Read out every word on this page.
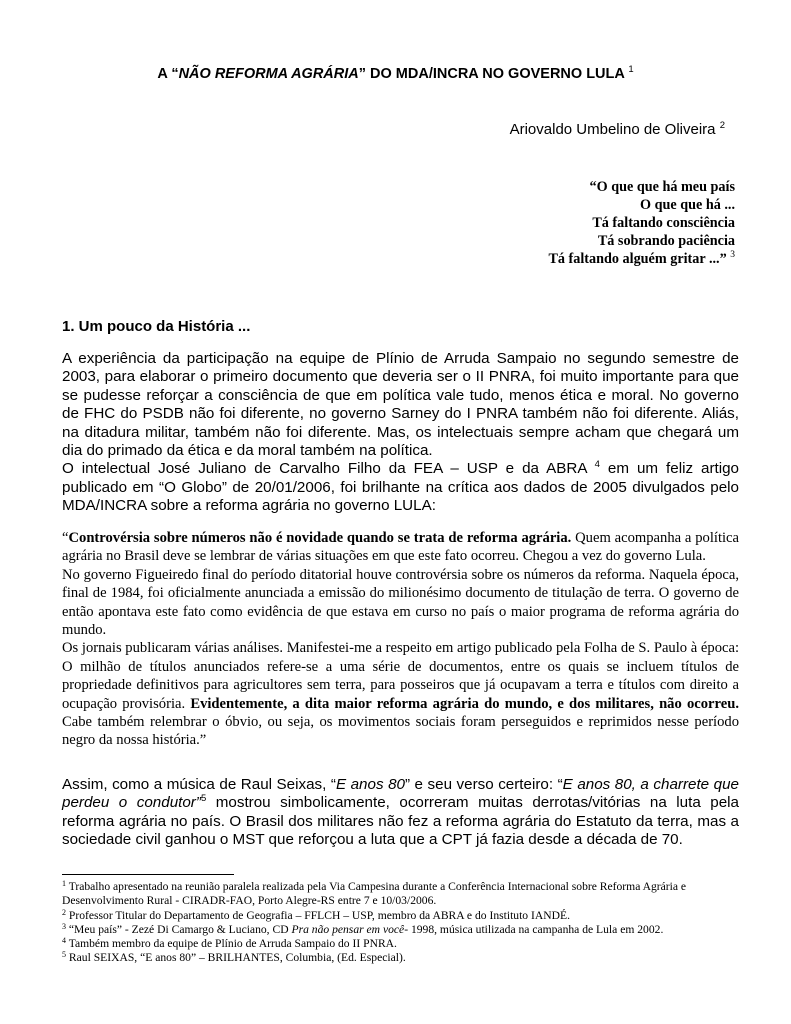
A “NÃO REFORMA AGRÁRIA” DO MDA/INCRA NO GOVERNO LULA $^1$
Ariovaldo Umbelino de Oliveira $^2$
“O que que há meu país
O que que há ...
Tá faltando consciência
Tá sobrando paciência
Tá faltando alguém gritar ...” $^3$
1. Um pouco da História ...

A experiência da participação na equipe de Plínio de Arruda Sampaio no segundo semestre de 2003, para elaborar o primeiro documento que deveria ser o II PNRA, foi muito importante para que se pudesse reforçar a consciência de que em política vale tudo, menos ética e moral. No governo de FHC do PSDB não foi diferente, no governo Sarney do I PNRA também não foi diferente. Aliás, na ditadura militar, também não foi diferente. Mas, os intelectuais sempre acham que chegará um dia do primado da ética e da moral também na política.

O intelectual José Juliano de Carvalho Filho da FEA – USP e da ABRA $^4$ em um feliz artigo publicado em “O Globo” de 20/01/2006, foi brilhante na crítica aos dados de 2005 divulgados pelo MDA/INCRA sobre a reforma agrária no governo LULA:

“Controvérsia sobre números não é novidade quando se trata de reforma agrária. Quem acompanha a política agrária no Brasil deve se lembrar de várias situações em que este fato ocorreu. Chegou a vez do governo Lula.

No governo Figueiredo final do período ditatorial houve controvérsia sobre os números da reforma. Naquela época, final de 1984, foi oficialmente anunciada a emissão do milionésimo documento de titulação de terra. O governo de então apontava este fato como evidência de que estava em curso no país o maior programa de reforma agrária do mundo.

Os jornais publicaram várias análises. Manifestei-me a respeito em artigo publicado pela Folha de S. Paulo à época: O milhão de títulos anunciados refere-se a uma série de documentos, entre os quais se incluem títulos de propriedade definitivos para agricultores sem terra, para posseiros que já ocupavam a terra e títulos com direito a ocupação provisória. Evidentemente, a dita maior reforma agrária do mundo, e dos militares, não ocorreu. Cabe também relembrar o óbvio, ou seja, os movimentos sociais foram perseguidos e reprimidos nesse período negro da nossa história.”

Assim, como a música de Raul Seixas, “E anos 80” e seu verso certeiro: “E anos 80, a charrete que perdeu o condutor”$^5$ mostrou simbolicamente, ocorreram muitas derrotas/vitórias na luta pela reforma agrária no país. O Brasil dos militares não fez a reforma agrária do Estatuto da terra, mas a sociedade civil ganhou o MST que reforçou a luta que a CPT já fazia desde a década de 70.

$^1$ Trabalho apresentado na reunião paralela realizada pela Via Campesina durante a Conferência Internacional sobre Reforma Agrária e Desenvolvimento Rural - CIRADR-FAO, Porto Alegre-RS entre 7 e 10/03/2006.
$^2$ Professor Titular do Departamento de Geografia – FFLCH – USP, membro da ABRA e do Instituto IANDÉ.
$^3$ “Meu país” - Zezé Di Camargo & Luciano, CD Pra não pensar em você- 1998, música utilizada na campanha de Lula em 2002.
$^4$ Também membro da equipe de Plínio de Arruda Sampaio do II PNRA.
$^5$ Raul SEIXAS, “E anos 80” – BRILHANTES, Columbia, (Ed. Especial).
